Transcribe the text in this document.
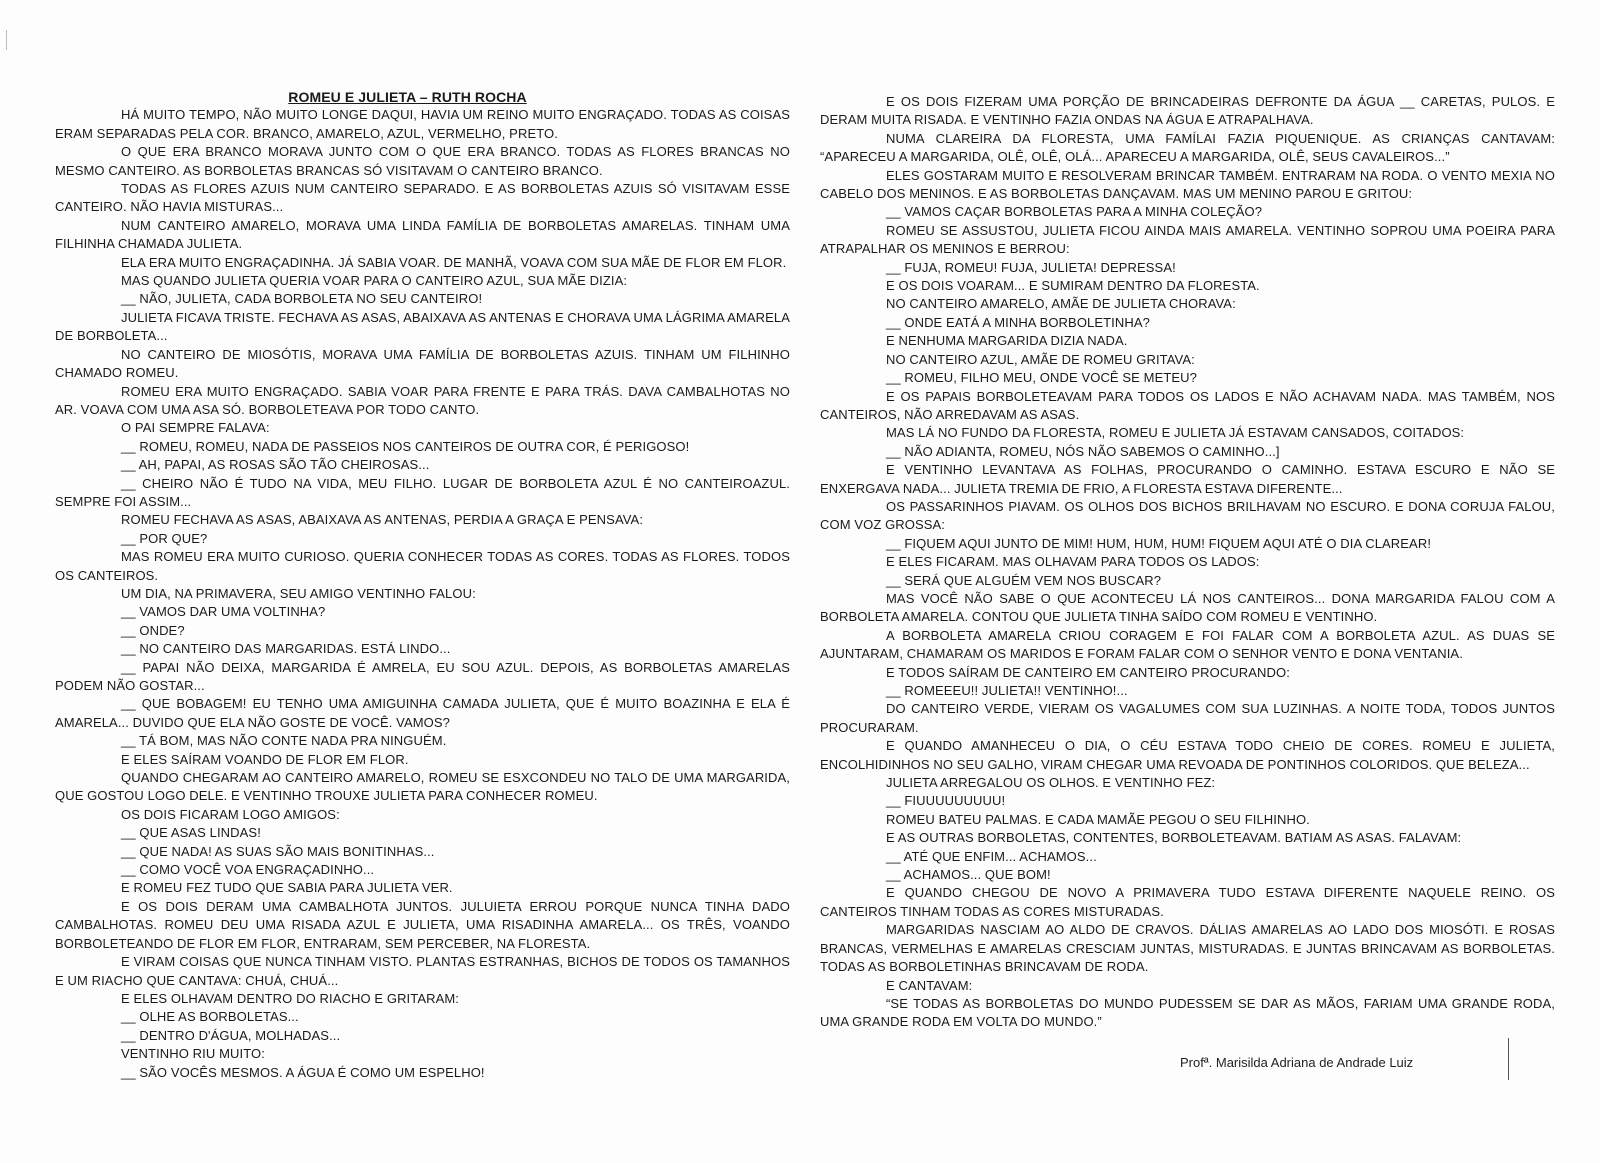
ROMEU E JULIETA – RUTH ROCHA

HÁ MUITO TEMPO, NÃO MUITO LONGE DAQUI, HAVIA UM REINO MUITO ENGRAÇADO. TODAS AS COISAS ERAM SEPARADAS PELA COR. BRANCO, AMARELO, AZUL, VERMELHO, PRETO.

O QUE ERA BRANCO MORAVA JUNTO COM O QUE ERA BRANCO. TODAS AS FLORES BRANCAS NO MESMO CANTEIRO. AS BORBOLETAS BRANCAS SÓ VISITAVAM O CANTEIRO BRANCO.

TODAS AS FLORES AZUIS NUM CANTEIRO SEPARADO. E AS BORBOLETAS AZUIS SÓ VISITAVAM ESSE CANTEIRO. NÃO HAVIA MISTURAS...

NUM CANTEIRO AMARELO, MORAVA UMA LINDA FAMÍLIA DE BORBOLETAS AMARELAS. TINHAM UMA FILHINHA CHAMADA JULIETA.

ELA ERA MUITO ENGRAÇADINHA. JÁ SABIA VOAR. DE MANHÃ, VOAVA COM SUA MÃE DE FLOR EM FLOR.

MAS QUANDO JULIETA QUERIA VOAR PARA O CANTEIRO AZUL, SUA MÃE DIZIA:

__ NÃO, JULIETA, CADA BORBOLETA NO SEU CANTEIRO!

JULIETA FICAVA TRISTE. FECHAVA AS ASAS, ABAIXAVA AS ANTENAS E CHORAVA UMA LÁGRIMA AMARELA DE BORBOLETA...

NO CANTEIRO DE MIOSÓTIS, MORAVA UMA FAMÍLIA DE BORBOLETAS AZUIS. TINHAM UM FILHINHO CHAMADO ROMEU.

ROMEU ERA MUITO ENGRAÇADO. SABIA VOAR PARA FRENTE E PARA TRÁS. DAVA CAMBALHOTAS NO AR. VOAVA COM UMA ASA SÓ. BORBOLETEAVA POR TODO CANTO.

O PAI SEMPRE FALAVA:

__ ROMEU, ROMEU, NADA DE PASSEIOS NOS CANTEIROS DE OUTRA COR, É PERIGOSO!

__ AH, PAPAI, AS ROSAS SÃO TÃO CHEIROSAS...

__ CHEIRO NÃO É TUDO NA VIDA, MEU FILHO. LUGAR DE BORBOLETA AZUL É NO CANTEIROAZUL. SEMPRE FOI ASSIM...

ROMEU FECHAVA AS ASAS, ABAIXAVA AS ANTENAS, PERDIA A GRAÇA E PENSAVA:

__ POR QUE?

MAS ROMEU ERA MUITO CURIOSO. QUERIA CONHECER TODAS AS CORES. TODAS AS FLORES. TODOS OS CANTEIROS.

UM DIA, NA PRIMAVERA, SEU AMIGO VENTINHO FALOU:

__ VAMOS DAR UMA VOLTINHA?

__ ONDE?

__ NO CANTEIRO DAS MARGARIDAS. ESTÁ LINDO...

__ PAPAI NÃO DEIXA, MARGARIDA É AMRELA, EU SOU AZUL. DEPOIS, AS BORBOLETAS AMARELAS PODEM NÃO GOSTAR...

__ QUE BOBAGEM! EU TENHO UMA AMIGUINHA CAMADA JULIETA, QUE É MUITO BOAZINHA E ELA É AMARELA... DUVIDO QUE ELA NÃO GOSTE DE VOCÊ. VAMOS?

__ TÁ BOM, MAS NÃO CONTE NADA PRA NINGUÉM.

E ELES SAÍRAM VOANDO DE FLOR EM FLOR.

QUANDO CHEGARAM AO CANTEIRO AMARELO, ROMEU SE ESXCONDEU NO TALO DE UMA MARGARIDA, QUE GOSTOU LOGO DELE. E VENTINHO TROUXE JULIETA PARA CONHECER ROMEU.

OS DOIS FICARAM LOGO AMIGOS:

__ QUE ASAS LINDAS!

__ QUE NADA! AS SUAS SÃO MAIS BONITINHAS...

__ COMO VOCÊ VOA ENGRAÇADINHO...

E ROMEU FEZ TUDO QUE SABIA PARA JULIETA VER.

E OS DOIS DERAM UMA CAMBALHOTA JUNTOS. JULUIETA ERROU PORQUE NUNCA TINHA DADO CAMBALHOTAS. ROMEU DEU UMA RISADA AZUL E JULIETA, UMA RISADINHA AMARELA... OS TRÊS, VOANDO BORBOLETEANDO DE FLOR EM FLOR, ENTRARAM, SEM PERCEBER, NA FLORESTA.

E VIRAM COISAS QUE NUNCA TINHAM VISTO. PLANTAS ESTRANHAS, BICHOS DE TODOS OS TAMANHOS E UM RIACHO QUE CANTAVA: CHUÁ, CHUÁ...

E ELES OLHAVAM DENTRO DO RIACHO E GRITARAM:

__ OLHE AS BORBOLETAS...

__ DENTRO D'ÁGUA, MOLHADAS...

VENTINHO RIU MUITO:

__ SÃO VOCÊS MESMOS. A ÁGUA É COMO UM ESPELHO!

E OS DOIS FIZERAM UMA PORÇÃO DE BRINCADEIRAS DEFRONTE DA ÁGUA __ CARETAS, PULOS. E DERAM MUITA RISADA. E VENTINHO FAZIA ONDAS NA ÁGUA E ATRAPALHAVA.

NUMA CLAREIRA DA FLORESTA, UMA FAMÍLAI FAZIA PIQUENIQUE. AS CRIANÇAS CANTAVAM: “APARECEU A MARGARIDA, OLÊ, OLÊ, OLÁ... APARECEU A MARGARIDA, OLÊ, SEUS CAVALEIROS...”

ELES GOSTARAM MUITO E RESOLVERAM BRINCAR TAMBÉM. ENTRARAM NA RODA. O VENTO MEXIA NO CABELO DOS MENINOS. E AS BORBOLETAS DANÇAVAM. MAS UM MENINO PAROU E GRITOU:

__ VAMOS CAÇAR BORBOLETAS PARA A MINHA COLEÇÃO?

ROMEU SE ASSUSTOU, JULIETA FICOU AINDA MAIS AMARELA. VENTINHO SOPROU UMA POEIRA PARA ATRAPALHAR OS MENINOS E BERROU:

__ FUJA, ROMEU! FUJA, JULIETA! DEPRESSA!

E OS DOIS VOARAM... E SUMIRAM DENTRO DA FLORESTA.

NO CANTEIRO AMARELO, AMÃE DE JULIETA CHORAVA:

__ ONDE EATÁ A MINHA BORBOLETINHA?

E NENHUMA MARGARIDA DIZIA NADA.

NO CANTEIRO AZUL, AMÃE DE ROMEU GRITAVA:

__ ROMEU, FILHO MEU, ONDE VOCÊ SE METEU?

E OS PAPAIS BORBOLETEAVAM PARA TODOS OS LADOS E NÃO ACHAVAM NADA. MAS TAMBÉM, NOS CANTEIROS, NÃO ARREDAVAM AS ASAS.

MAS LÁ NO FUNDO DA FLORESTA, ROMEU E JULIETA JÁ ESTAVAM CANSADOS, COITADOS:

__ NÃO ADIANTA, ROMEU, NÓS NÃO SABEMOS O CAMINHO...]

E VENTINHO LEVANTAVA AS FOLHAS, PROCURANDO O CAMINHO. ESTAVA ESCURO E NÃO SE ENXERGAVA NADA... JULIETA TREMIA DE FRIO, A FLORESTA ESTAVA DIFERENTE...

OS PASSARINHOS PIAVAM. OS OLHOS DOS BICHOS BRILHAVAM NO ESCURO. E DONA CORUJA FALOU, COM VOZ GROSSA:

__ FIQUEM AQUI JUNTO DE MIM! HUM, HUM, HUM! FIQUEM AQUI ATÉ O DIA CLAREAR!

E ELES FICARAM. MAS OLHAVAM PARA TODOS OS LADOS:

__ SERÁ QUE ALGUÉM VEM NOS BUSCAR?

MAS VOCÊ NÃO SABE O QUE ACONTECEU LÁ NOS CANTEIROS... DONA MARGARIDA FALOU COM A BORBOLETA AMARELA. CONTOU QUE JULIETA TINHA SAÍDO COM ROMEU E VENTINHO.

A BORBOLETA AMARELA CRIOU CORAGEM E FOI FALAR COM A BORBOLETA AZUL. AS DUAS SE AJUNTARAM, CHAMARAM OS MARIDOS E FORAM FALAR COM O SENHOR VENTO E DONA VENTANIA.

E TODOS SAÍRAM DE CANTEIRO EM CANTEIRO PROCURANDO:

__ ROMEEEU!! JULIETA!! VENTINHO!...

DO CANTEIRO VERDE, VIERAM OS VAGALUMES COM SUA LUZINHAS. A NOITE TODA, TODOS JUNTOS PROCURARAM.

E QUANDO AMANHECEU O DIA, O CÉU ESTAVA TODO CHEIO DE CORES. ROMEU E JULIETA, ENCOLHIDINHOS NO SEU GALHO, VIRAM CHEGAR UMA REVOADA DE PONTINHOS COLORIDOS. QUE BELEZA...

JULIETA ARREGALOU OS OLHOS. E VENTINHO FEZ:

__ FIUUUUUUUUU!

ROMEU BATEU PALMAS. E CADA MAMÃE PEGOU O SEU FILHINHO.

E AS OUTRAS BORBOLETAS, CONTENTES, BORBOLETEAVAM. BATIAM AS ASAS. FALAVAM:

__ ATÉ QUE ENFIM... ACHAMOS...

__ ACHAMOS... QUE BOM!

E QUANDO CHEGOU DE NOVO A PRIMAVERA TUDO ESTAVA DIFERENTE NAQUELE REINO. OS CANTEIROS TINHAM TODAS AS CORES MISTURADAS.

MARGARIDAS NASCIAM AO ALDO DE CRAVOS. DÁLIAS AMARELAS AO LADO DOS MIOSÓTI. E ROSAS BRANCAS, VERMELHAS E AMARELAS CRESCIAM JUNTAS, MISTURADAS. E JUNTAS BRINCAVAM AS BORBOLETAS. TODAS AS BORBOLETINHAS BRINCAVAM DE RODA.

E CANTAVAM:

“SE TODAS AS BORBOLETAS DO MUNDO PUDESSEM SE DAR AS MÃOS, FARIAM UMA GRANDE RODA, UMA GRANDE RODA EM VOLTA DO MUNDO.”

Profª. Marisilda Adriana de Andrade Luiz
